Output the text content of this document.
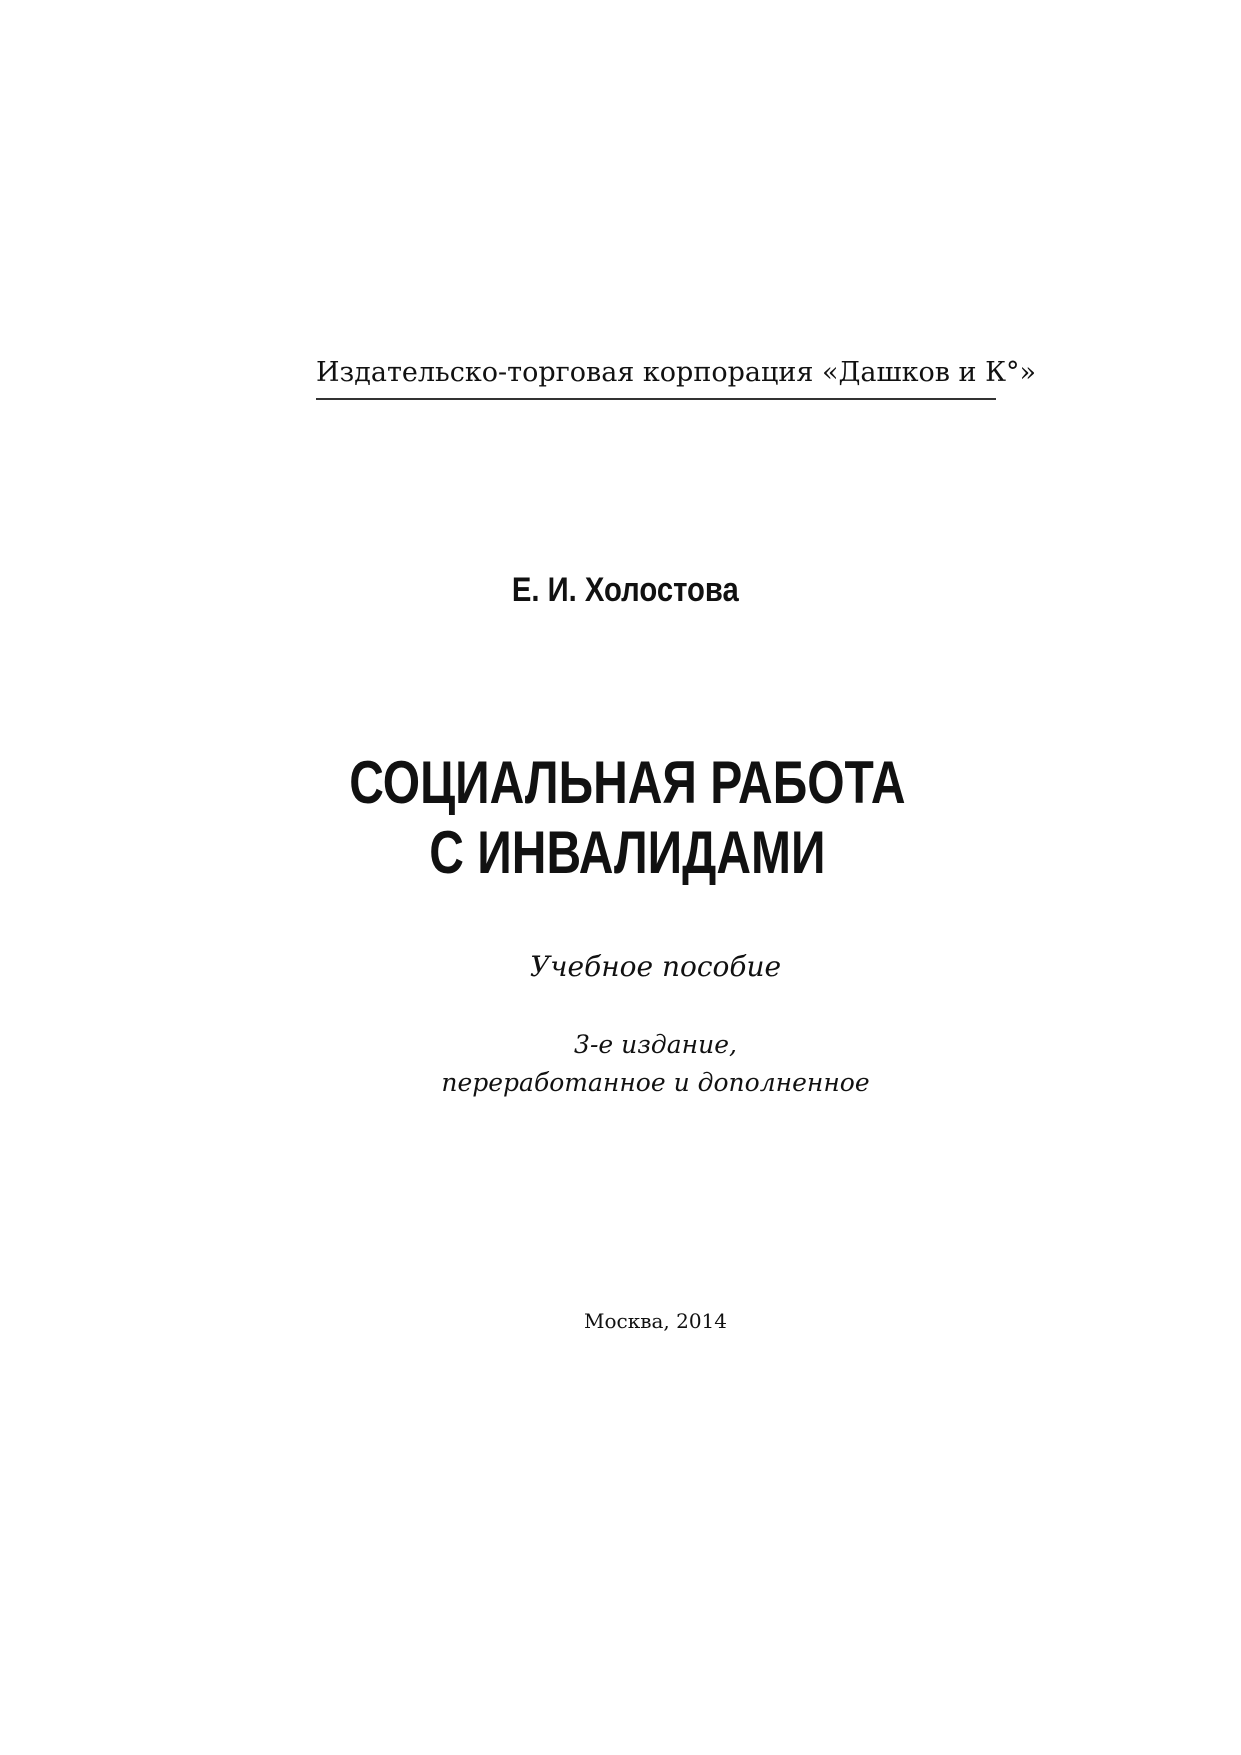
Издательско-торговая корпорация «Дашков и К°»
Е. И. Холостова
СОЦИАЛЬНАЯ РАБОТА
С ИНВАЛИДАМИ
Учебное пособие
3-е издание,
переработанное и дополненное
Москва, 2014
